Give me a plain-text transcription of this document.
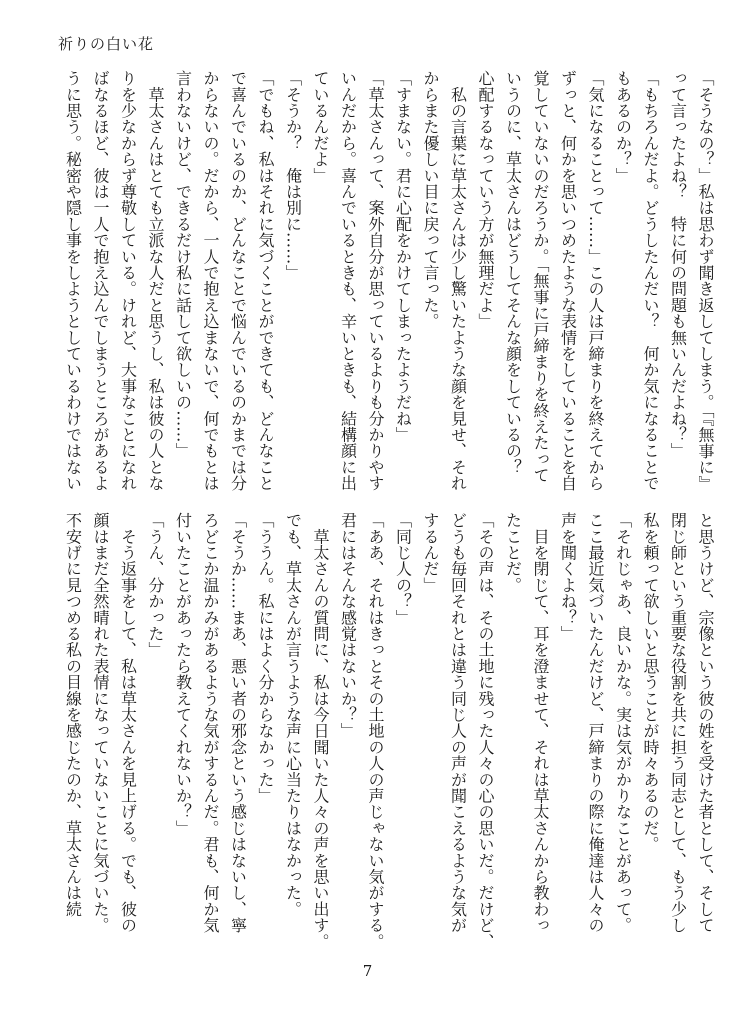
祈りの白い花
「そうなの？」私は思わず聞き返してしまう。「『無事に』
って言ったよね？　特に何の問題も無いんだよね？」
「もちろんだよ。どうしたんだい？　何か気になることで
もあるのか？」
「気になることって……」この人は戸締まりを終えてから
ずっと、何かを思いつめたような表情をしていることを自
覚していないのだろうか。「無事に戸締まりを終えたって
いうのに、草太さんはどうしてそんな顔をしているの？
心配するなっていう方が無理だよ」
　私の言葉に草太さんは少し驚いたような顔を見せ、それ
からまた優しい目に戻って言った。
「すまない。君に心配をかけてしまったようだね」
「草太さんって、案外自分が思っているよりも分かりやす
いんだから。喜んでいるときも、辛いときも、結構顔に出
ているんだよ」
「そうか？　俺は別に……」
「でもね、私はそれに気づくことができても、どんなこと
で喜んでいるのか、どんなことで悩んでいるのかまでは分
からないの。だから、一人で抱え込まないで、何でもとは
言わないけど、できるだけ私に話して欲しいの……」
　草太さんはとても立派な人だと思うし、私は彼の人とな
りを少なからず尊敬している。けれど、大事なことになれ
ばなるほど、彼は一人で抱え込んでしまうところがあるよ
うに思う。秘密や隠し事をしようとしているわけではない
と思うけど、宗像という彼の姓を受けた者として、そして
閉じ師という重要な役割を共に担う同志として、もう少し
私を頼って欲しいと思うことが時々あるのだ。
「それじゃあ、良いかな。実は気がかりなことがあって。
ここ最近気づいたんだけど、戸締まりの際に俺達は人々の
声を聞くよね？」
　目を閉じて、耳を澄ませて、それは草太さんから教わっ
たことだ。
「その声は、その土地に残った人々の心の思いだ。だけど、
どうも毎回それとは違う同じ人の声が聞こえるような気が
するんだ」
「同じ人の？」
「ああ、それはきっとその土地の人の声じゃない気がする。
君にはそんな感覚はないか？」
　草太さんの質問に、私は今日聞いた人々の声を思い出す。
でも、草太さんが言うような声に心当たりはなかった。
「ううん。私にはよく分からなかった」
「そうか……まあ、悪い者の邪念という感じはないし、寧
ろどこか温かみがあるような気がするんだ。君も、何か気
付いたことがあったら教えてくれないか？」
「うん、分かった」
　そう返事をして、私は草太さんを見上げる。でも、彼の
顔はまだ全然晴れた表情になっていないことに気づいた。
不安げに見つめる私の目線を感じたのか、草太さんは続
7
